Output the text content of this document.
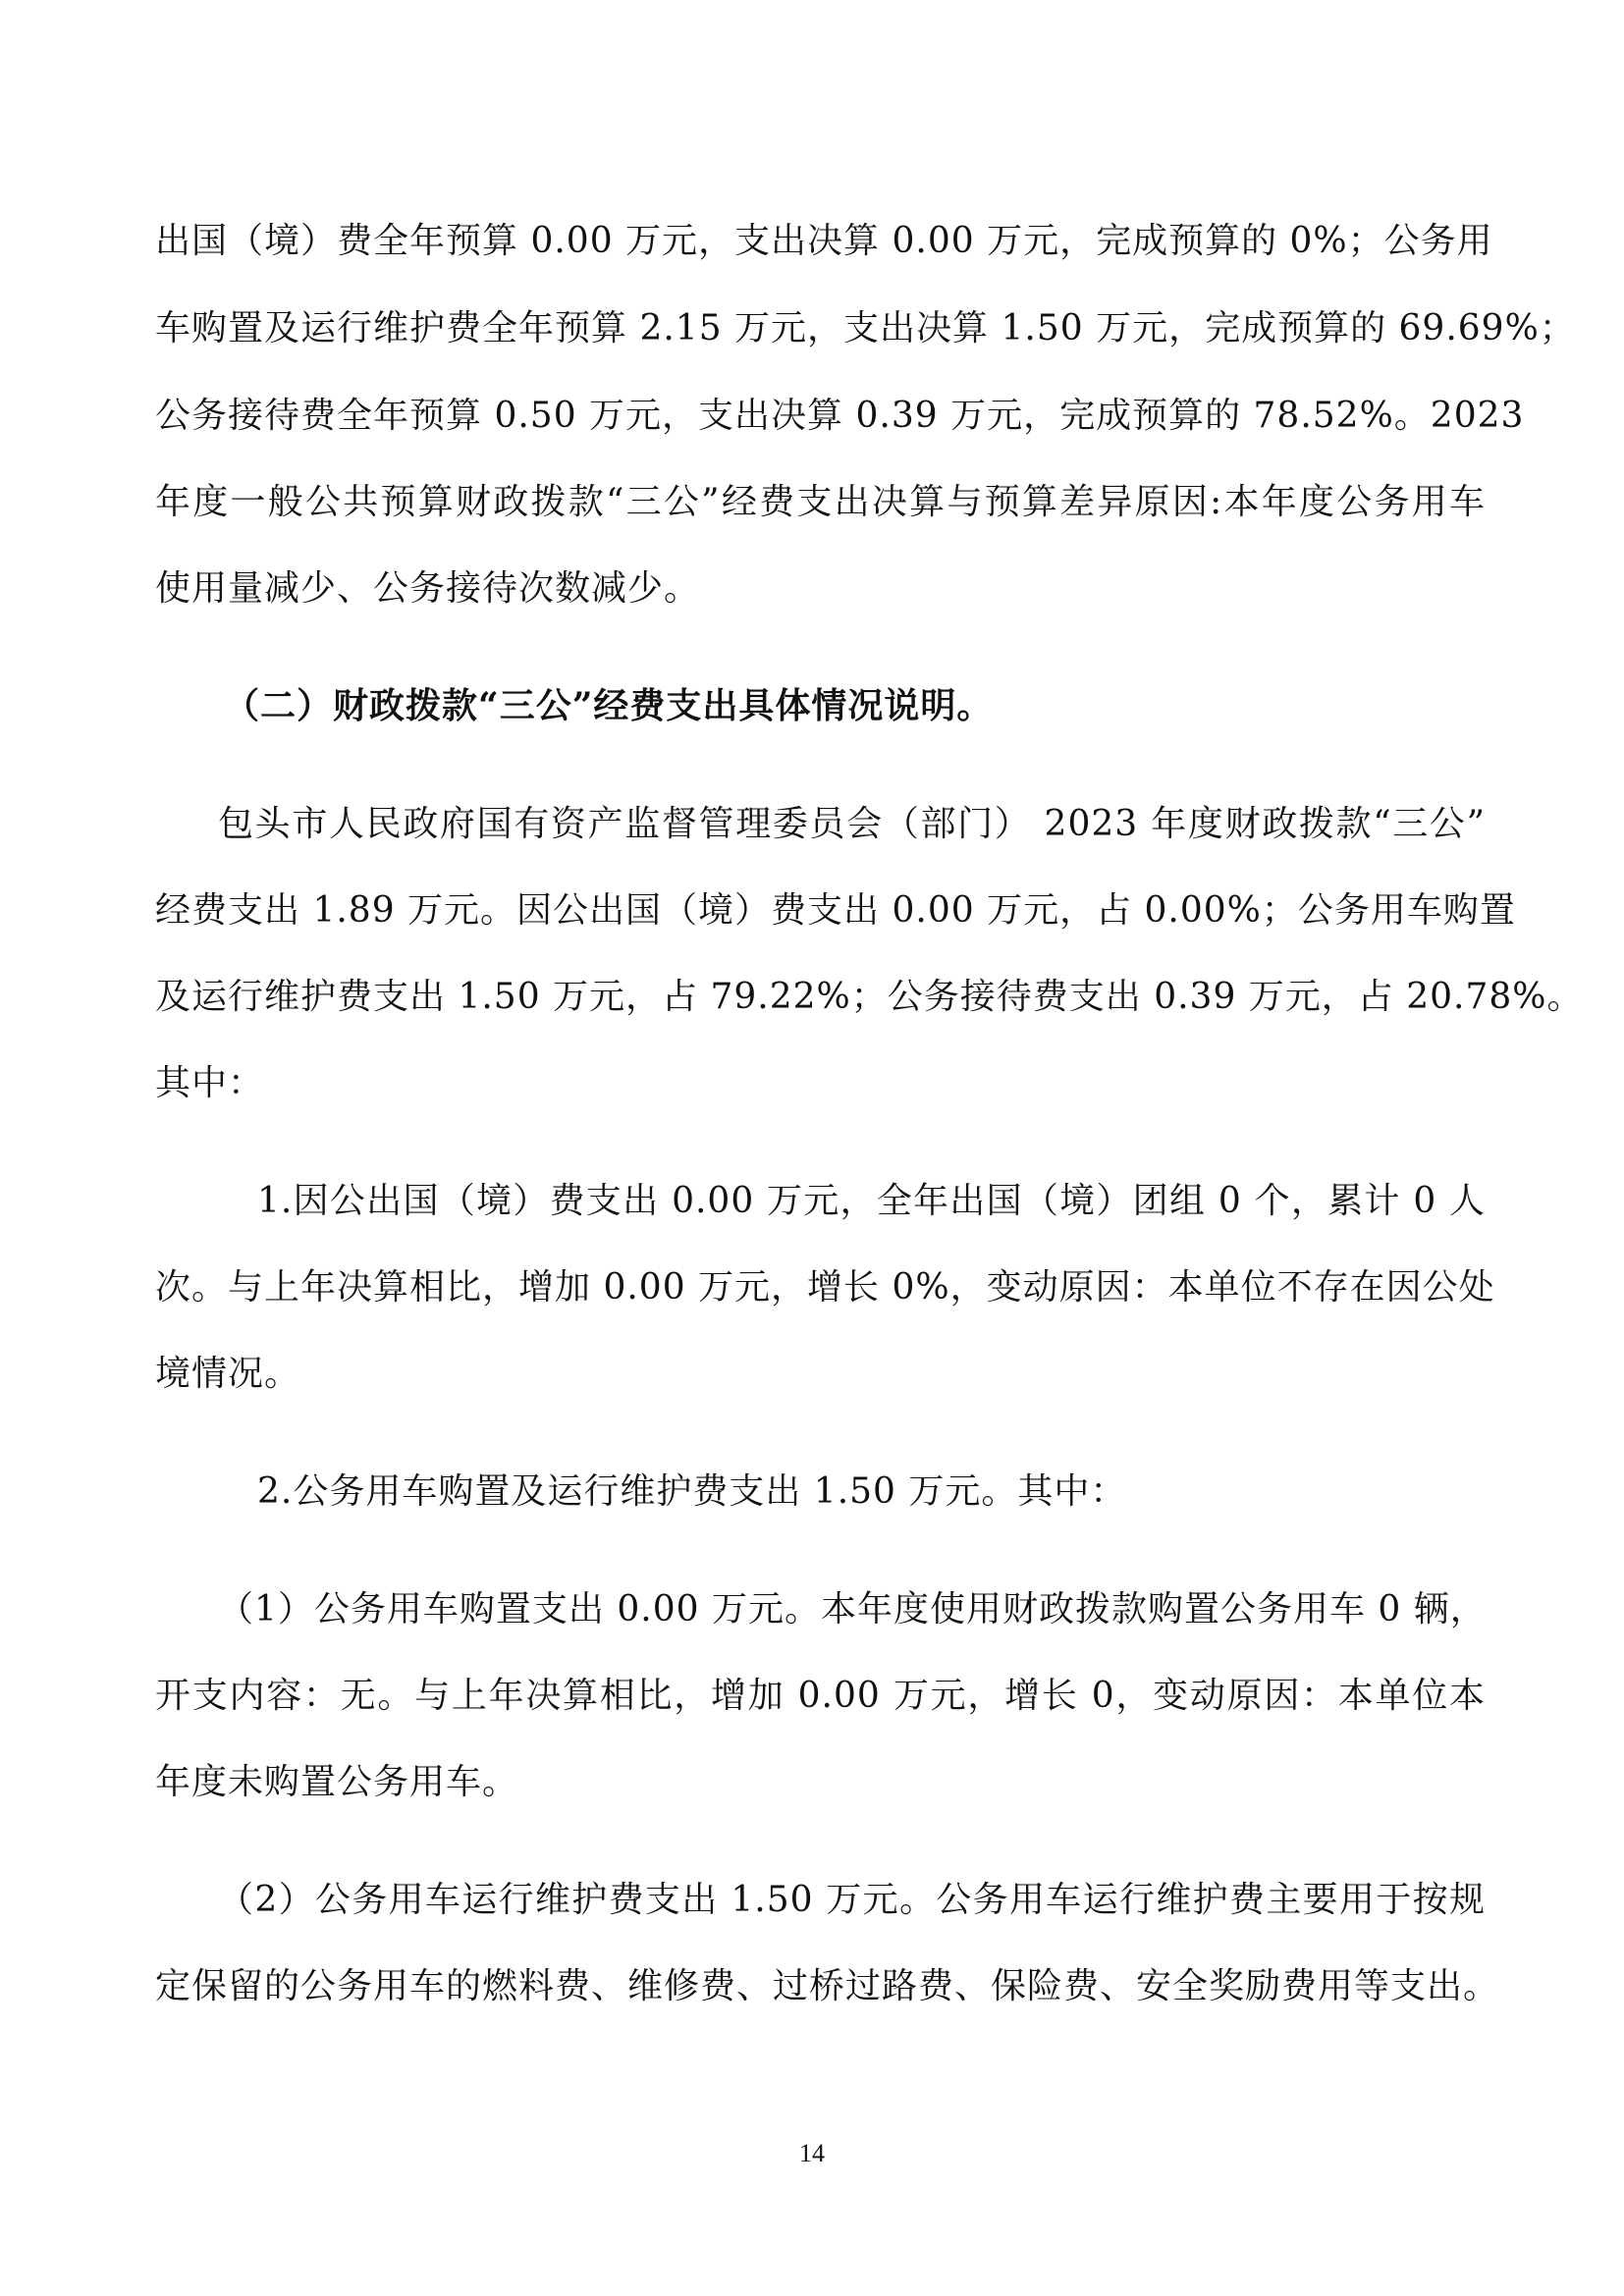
出国（境）费全年预算 0.00 万元，支出决算 0.00 万元，完成预算的 0%；公务用
车购置及运行维护费全年预算 2.15 万元，支出决算 1.50 万元，完成预算的 69.69%；
公务接待费全年预算 0.50 万元，支出决算 0.39 万元，完成预算的 78.52%。2023
年度一般公共预算财政拨款“三公”经费支出决算与预算差异原因:本年度公务用车
使用量减少、公务接待次数减少。
（二）财政拨款“三公”经费支出具体情况说明。
包头市人民政府国有资产监督管理委员会（部门） 2023 年度财政拨款“三公”
经费支出 1.89 万元。因公出国（境）费支出 0.00 万元，占 0.00%；公务用车购置
及运行维护费支出 1.50 万元，占 79.22%；公务接待费支出 0.39 万元，占 20.78%。
其中：
1.因公出国（境）费支出 0.00 万元，全年出国（境）团组 0 个，累计 0 人
次。与上年决算相比，增加 0.00 万元，增长 0%，变动原因：本单位不存在因公处
境情况。
2.公务用车购置及运行维护费支出 1.50 万元。其中：
（1）公务用车购置支出 0.00 万元。本年度使用财政拨款购置公务用车 0 辆，
开支内容：无。与上年决算相比，增加 0.00 万元，增长 0，变动原因：本单位本
年度未购置公务用车。
（2）公务用车运行维护费支出 1.50 万元。公务用车运行维护费主要用于按规
定保留的公务用车的燃料费、维修费、过桥过路费、保险费、安全奖励费用等支出。
14
